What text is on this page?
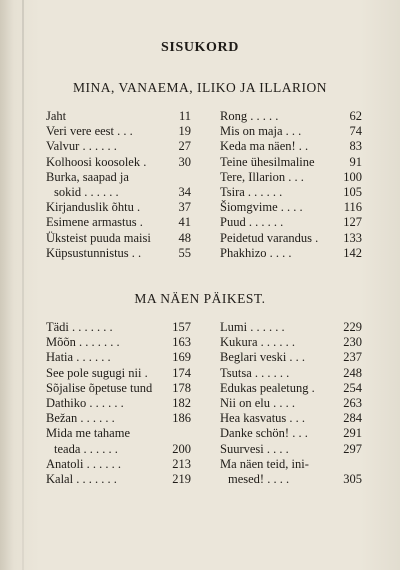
SISUKORD
MINA, VANAEMA, ILIKO JA ILLARION
Jaht	11
Veri vere eest . . .	19
Valvur . . . . . .	27
Kolhoosi koosolek .	30
Burka, saapad ja
sokid . . . . . .	34
Kirjanduslik õhtu .	37
Esimene armastus .	41
Üksteist puuda maisi 48
Küpsustunnistus . .	55
Rong . . . . .	62
Mis on maja . . .	74
Keda ma näen! . .	83
Teine ühesilmaline	91
Tere, Illarion . . .	100
Tsira . . . . . .	105
Šiomgvime . . . .	116
Puud . . . . . .	127
Peidetud varandus . 133
Phakhizo . . . .	142
MA NÄEN PÄIKEST.
Tädi . . . . . . .	157
Mõõn . . . . . . .	163
Hatia . . . . . .	169
See pole sugugi nii . 174
Sõjalise õpetuse tund 178
Dathiko . . . . . .	182
Bežan . . . . . .	186
Mida me tahame
teada . . . . . .	200
Anatoli . . . . . .	213
Kalal . . . . . . .	219
Lumi . . . . . .	229
Kukura . . . . . .	230
Beglari veski . . .	237
Tsutsa . . . . . .	248
Edukas pealetung . 254
Nii on elu . . . .	263
Hea kasvatus . . .	284
Danke schön! . . .	291
Suurvesi . . . .	297
Ma näen teid, ini-
mesed! . . . .	305
